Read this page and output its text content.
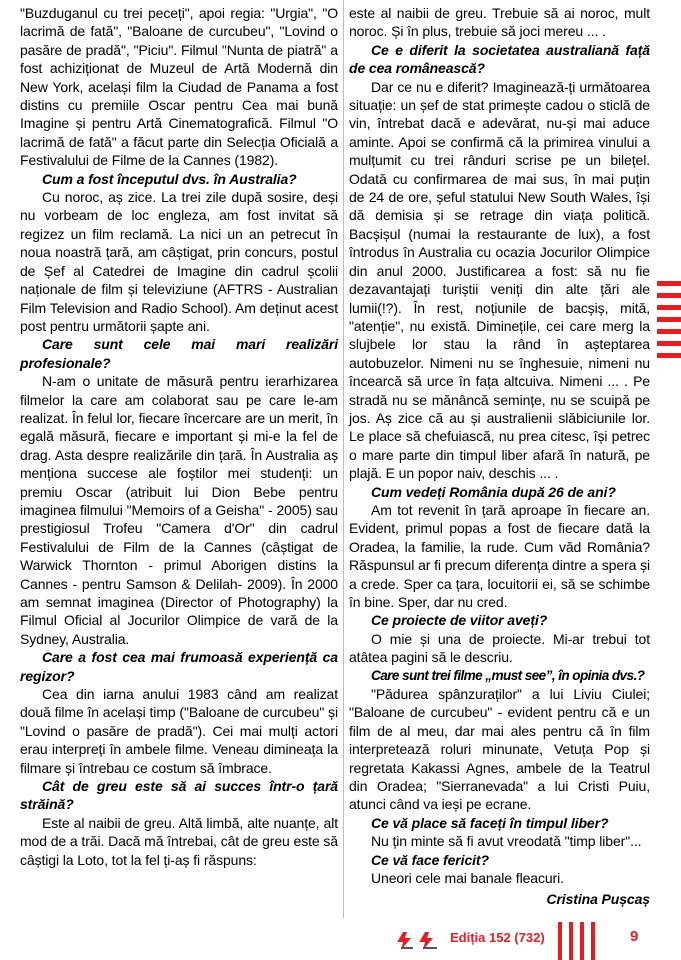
"Buzduganul cu trei peceți", apoi regia: "Urgia", "O lacrimă de fată", "Baloane de curcubeu", "Lovind o pasăre de pradă", "Piciu". Filmul "Nunta de piatră" a fost achiziționat de Muzeul de Artă Modernă din New York, același film la Ciudad de Panama a fost distins cu premiile Oscar pentru Cea mai bună Imagine și pentru Artă Cinematografică. Filmul "O lacrimă de fată" a făcut parte din Selecția Oficială a Festivalului de Filme de la Cannes (1982).

Cum a fost începutul dvs. în Australia?

Cu noroc, aș zice. La trei zile după sosire, deși nu vorbeam de loc engleza, am fost invitat să regizez un film reclamă. La nici un an petrecut în noua noastră țară, am câștigat, prin concurs, postul de Șef al Catedrei de Imagine din cadrul școlii naționale de film și televiziune (AFTRS - Australian Film Television and Radio School). Am deținut acest post pentru următorii șapte ani.

Care sunt cele mai mari realizări profesionale?

N-am o unitate de măsură pentru ierarhizarea filmelor la care am colaborat sau pe care le-am realizat. În felul lor, fiecare încercare are un merit, în egală măsură, fiecare e important și mi-e la fel de drag. Asta despre realizările din țară. În Australia aș menționa succese ale foștilor mei studenți: un premiu Oscar (atribuit lui Dion Bebe pentru imaginea filmului "Memoirs of a Geisha" - 2005) sau prestigiosul Trofeu "Camera d'Or" din cadrul Festivalului de Film de la Cannes (câștigat de Warwick Thornton - primul Aborigen distins la Cannes - pentru Samson & Delilah- 2009). În 2000 am semnat imaginea (Director of Photography) la Filmul Oficial al Jocurilor Olimpice de vară de la Sydney, Australia.

Care a fost cea mai frumoasă experiență ca regizor?

Cea din iarna anului 1983 când am realizat două filme în același timp ("Baloane de curcubeu" și "Lovind o pasăre de pradă"). Cei mai mulți actori erau interpreți în ambele filme. Veneau dimineața la filmare și întrebau ce costum să îmbrace.

Cât de greu este să ai succes într-o țară străină?

Este al naibii de greu. Altă limbă, alte nuanțe, alt mod de a trăi. Dacă mă întrebai, cât de greu este să câștigi la Loto, tot la fel ți-aș fi răspuns:

este al naibii de greu. Trebuie să ai noroc, mult noroc. Și în plus, trebuie să joci mereu ... .

Ce e diferit la societatea australiană față de cea românească?

Dar ce nu e diferit? Imaginează-ți următoarea situație: un șef de stat primește cadou o sticlă de vin, întrebat dacă e adevărat, nu-și mai aduce aminte. Apoi se confirmă că la primirea vinului a mulțumit cu trei rânduri scrise pe un bilețel. Odată cu confirmarea de mai sus, în mai puțin de 24 de ore, șeful statului New South Wales, își dă demisia și se retrage din viața politică. Bacșișul (numai la restaurante de lux), a fost întrodus în Australia cu ocazia Jocurilor Olimpice din anul 2000. Justificarea a fost: să nu fie dezavantajați turiștii veniți din alte țări ale lumii(!?). În rest, noțiunile de bacșiș, mită, "atenție", nu există. Diminețile, cei care merg la slujbele lor stau la rând în așteptarea autobuzelor. Nimeni nu se înghesuie, nimeni nu încearcă să urce în fața altcuiva. Nimeni ... . Pe stradă nu se mănâncă semințe, nu se scuipă pe jos. Aș zice că au și australienii slăbiciunile lor. Le place să chefuiască, nu prea citesc, își petrec o mare parte din timpul liber afară în natură, pe plajă. E un popor naiv, deschis ... .

Cum vedeți România după 26 de ani?

Am tot revenit în țară aproape în fiecare an. Evident, primul popas a fost de fiecare dată la Oradea, la familie, la rude. Cum văd România? Răspunsul ar fi precum diferența dintre a spera și a crede. Sper ca țara, locuitorii ei, să se schimbe în bine. Sper, dar nu cred.

Ce proiecte de viitor aveți?

O mie și una de proiecte. Mi-ar trebui tot atâtea pagini să le descriu.

Care sunt trei filme „must see”, în opinia dvs.?

"Pădurea spânzuraților" a lui Liviu Ciulei; "Baloane de curcubeu" - evident pentru că e un film de al meu, dar mai ales pentru că în film interpretează roluri minunate, Vetuța Pop și regretata Kakassi Agnes, ambele de la Teatrul din Oradea; "Sierranevada" a lui Cristi Puiu, atunci când va ieși pe ecrane.

Ce vă place să faceți în timpul liber?

Nu țin minte să fi avut vreodată "timp liber"...

Ce vă face fericit?

Uneori cele mai banale fleacuri.

Cristina Pușcaș

Ediția 152 (732)	9
